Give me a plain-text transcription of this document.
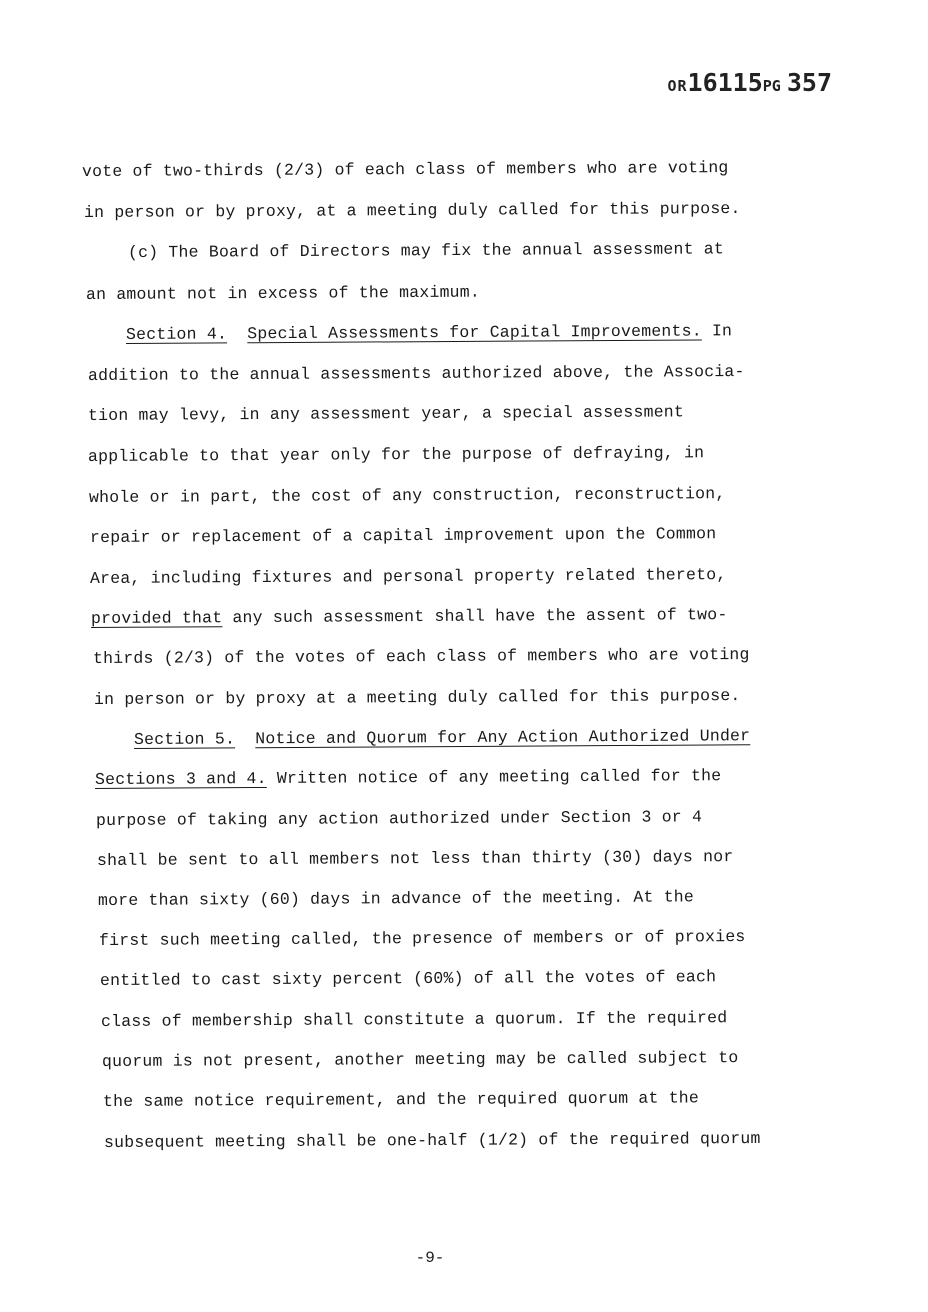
OR16115PG 357
vote of two-thirds (2/3) of each class of members who are voting
in person or by proxy, at a meeting duly called for this purpose.
(c) The Board of Directors may fix the annual assessment at
an amount not in excess of the maximum.
Section 4. Special Assessments for Capital Improvements. In
addition to the annual assessments authorized above, the Associa-
tion may levy, in any assessment year, a special assessment
applicable to that year only for the purpose of defraying, in
whole or in part, the cost of any construction, reconstruction,
repair or replacement of a capital improvement upon the Common
Area, including fixtures and personal property related thereto,
provided that any such assessment shall have the assent of two-
thirds (2/3) of the votes of each class of members who are voting
in person or by proxy at a meeting duly called for this purpose.
Section 5. Notice and Quorum for Any Action Authorized Under
Sections 3 and 4. Written notice of any meeting called for the
purpose of taking any action authorized under Section 3 or 4
shall be sent to all members not less than thirty (30) days nor
more than sixty (60) days in advance of the meeting. At the
first such meeting called, the presence of members or of proxies
entitled to cast sixty percent (60%) of all the votes of each
class of membership shall constitute a quorum. If the required
quorum is not present, another meeting may be called subject to
the same notice requirement, and the required quorum at the
subsequent meeting shall be one-half (1/2) of the required quorum
-9-
